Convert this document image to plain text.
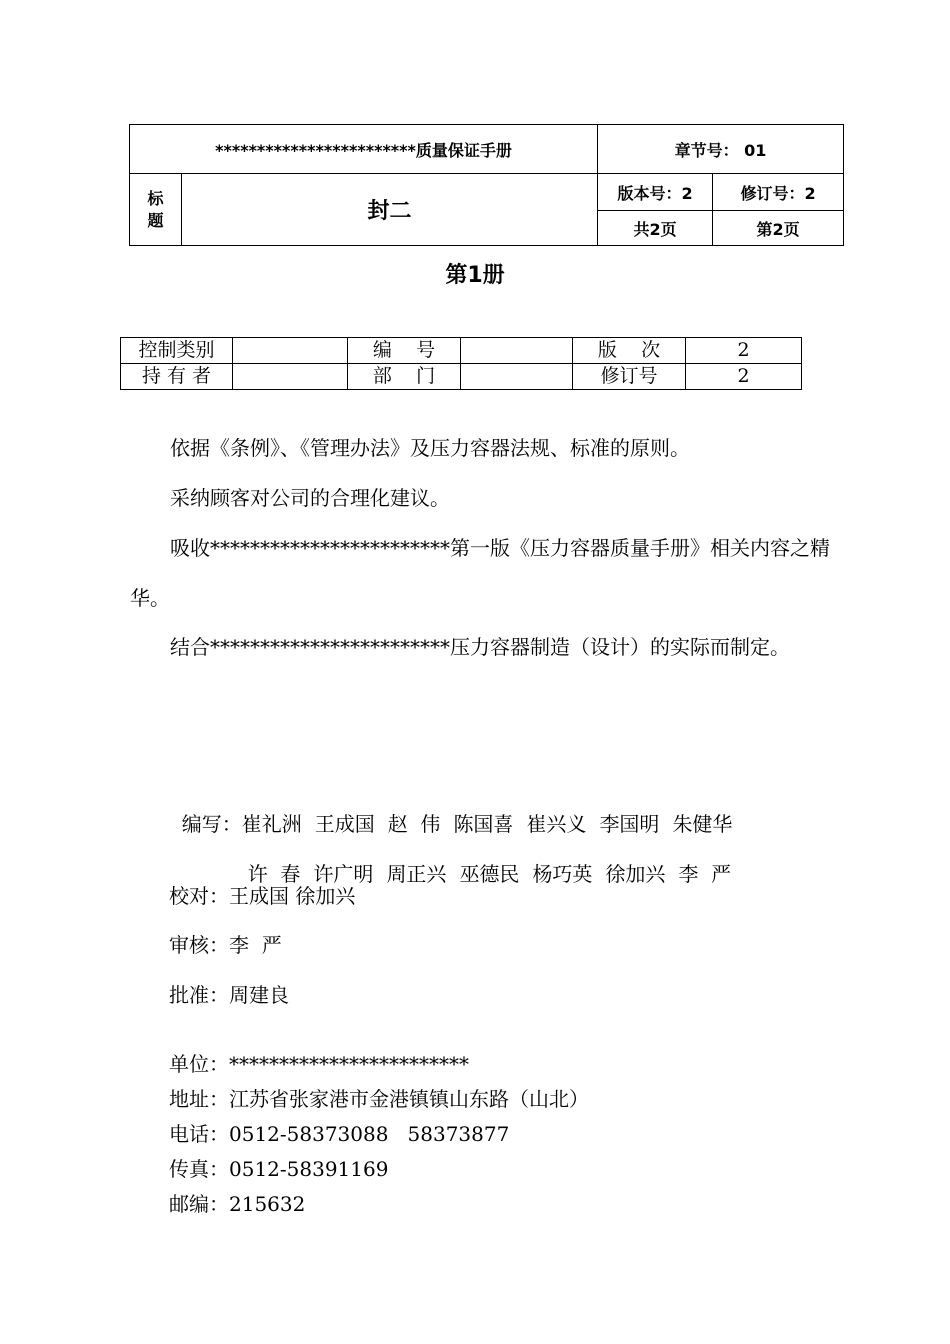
************************质量保证手册		章节号： 01	
标
题	封二	版本号：2	修订号：2
		共2页	第2页
第1册
控制类别		编    号		版    次	2
持 有 者		部    门		修订号	2
依据《条例》、《管理办法》及压力容器法规、标准的原则。
采纳顾客对公司的合理化建议。
吸收************************第一版《压力容器质量手册》相关内容之精华。
结合************************压力容器制造（设计）的实际而制定。

编写：崔礼洲 王成国 赵  伟 陈国喜 崔兴义 李国明 朱健华

许  春 许广明 周正兴 巫德民 杨巧英 徐加兴 李  严

校对：王成国 徐加兴
审核：李  严
批准：周建良
单位：************************
地址：江苏省张家港市金港镇镇山东路（山北）
电话：0512-58373088   58373877
传真：0512-58391169
邮编：215632
